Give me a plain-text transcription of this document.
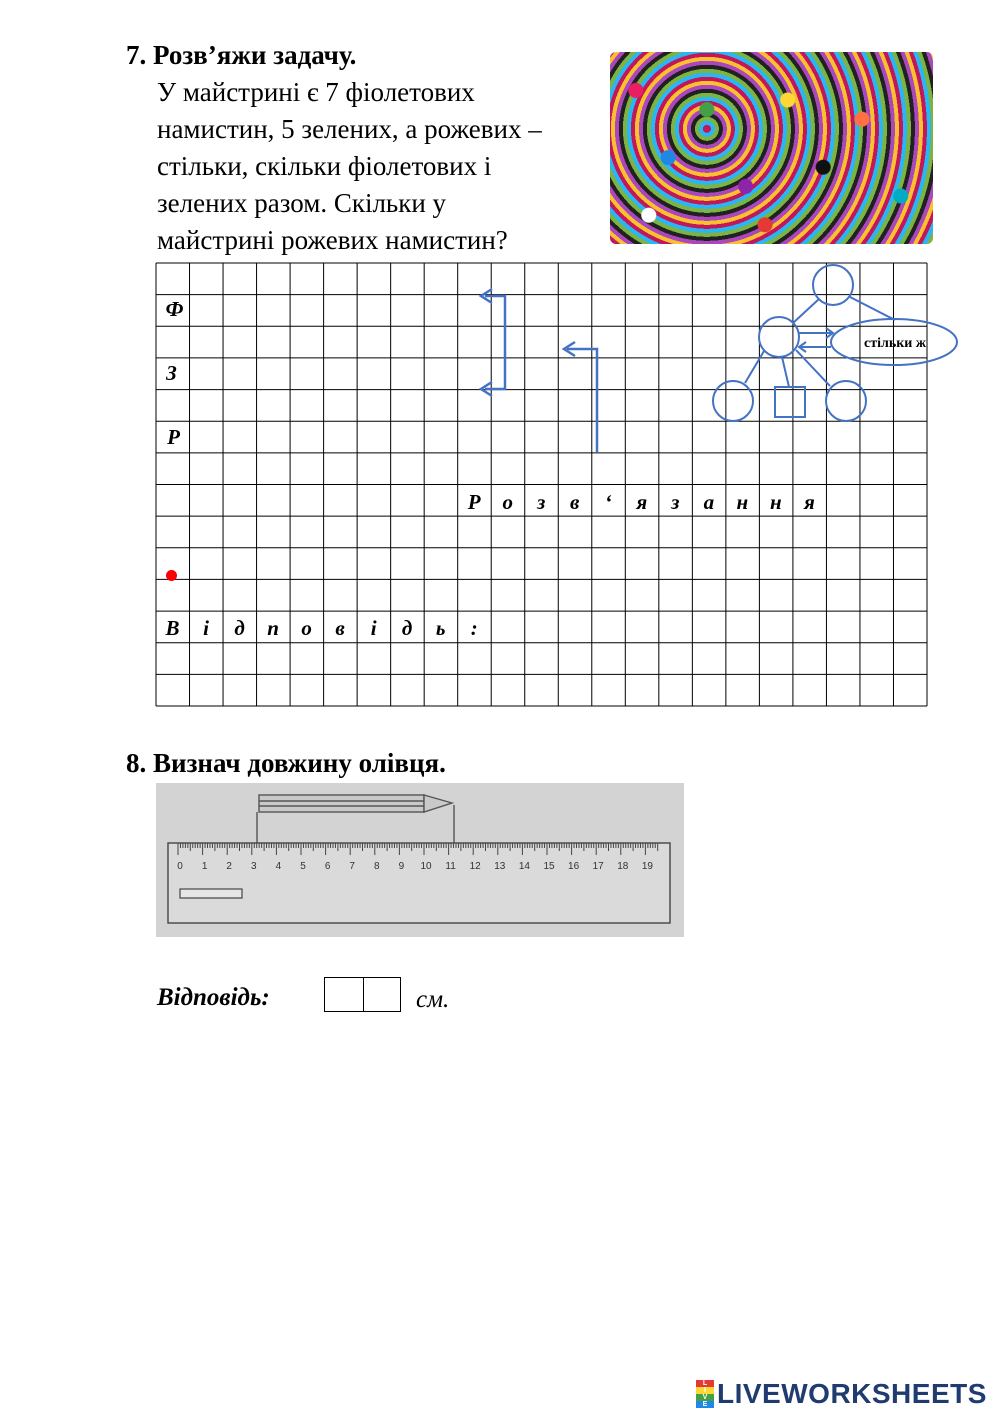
7. Розв’яжи задачу.
У майстрині є 7 фіолетових
намистин, 5 зелених, а рожевих –
стільки, скільки фіолетових і
зелених разом. Скільки у
майстрині рожевих намистин?
Ф
З
Р
Р	о	з	в	‘	я	з	а	н	н	я
В	і	д	п	о	в	і	д	ь	:
стільки ж
8. Визнач довжину олівця.
0 1 2 3 4 5 6 7 8 9 10 11 12 13 14 15 16 17 18 19
Відповідь:	см.
L
I
V
E LIVEWORKSHEETS
